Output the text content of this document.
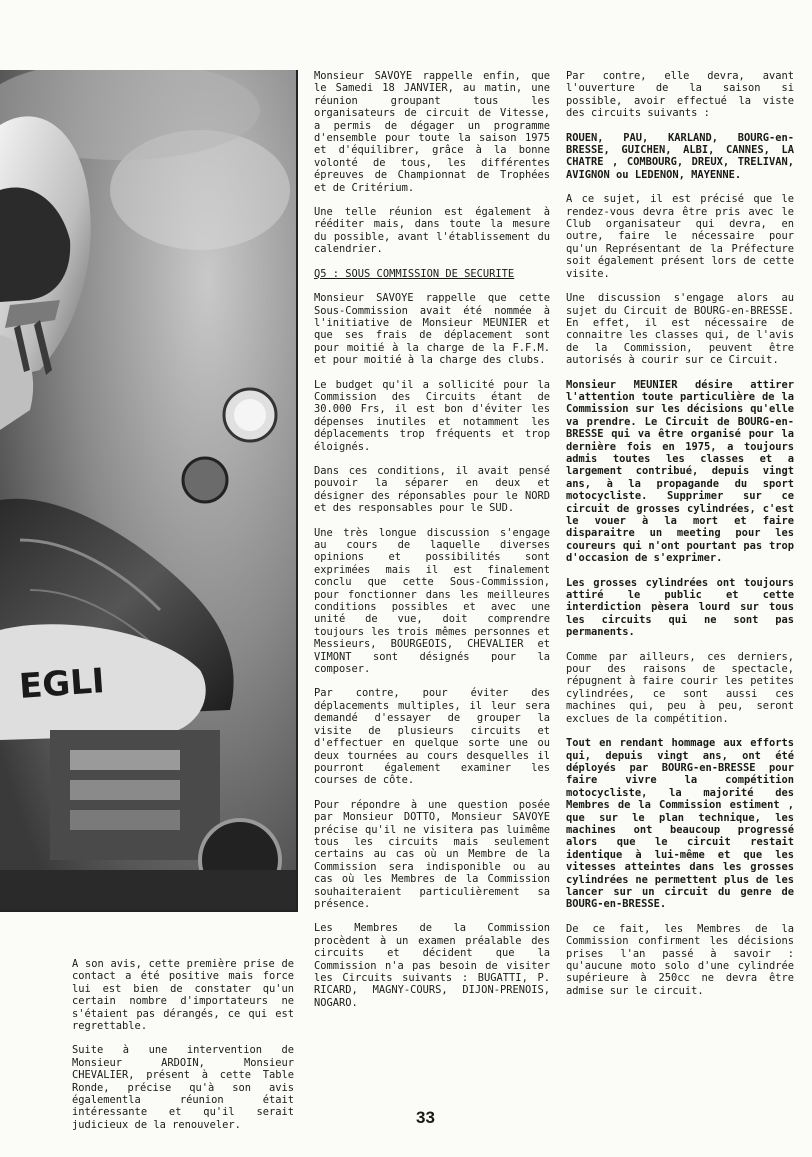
EGLI

Monsieur SAVOYE rappelle enfin, que le Samedi 18 JANVIER, au matin, une réunion groupant tous les organisateurs de circuit de Vitesse, a permis de dégager un programme d'ensemble pour toute la saison 1975 et d'équilibrer, grâce à la bonne volonté de tous, les différentes épreuves de Championnat de Trophées et de Critérium.

Une telle réunion est également à rééditer mais, dans toute la mesure du possible, avant l'établissement du calendrier.

Q5 : SOUS COMMISSION DE SECURITE

Monsieur SAVOYE rappelle que cette Sous-Commission avait été nommée à l'initiative de Monsieur MEUNIER et que ses frais de déplacement sont pour moitié à la charge de la F.F.M. et pour moitié à la charge des clubs.

Le budget qu'il a sollicité pour la Commission des Circuits étant de 30.000 Frs, il est bon d'éviter les dépenses inutiles et notamment les déplacements trop fréquents et trop éloignés.

Dans ces conditions, il avait pensé pouvoir la séparer en deux et désigner des réponsables pour le NORD et des responsables pour le SUD.

Une très longue discussion s'engage au cours de laquelle diverses opinions et possibilités sont exprimées mais il est finalement conclu que cette Sous-Commission, pour fonctionner dans les meilleures conditions possibles et avec une unité de vue, doit comprendre toujours les trois mêmes personnes et Messieurs, BOURGEOIS, CHEVALIER et VIMONT sont désignés pour la composer.

Par contre, pour éviter des déplacements multiples, il leur sera demandé d'essayer de grouper la visite de plusieurs circuits et d'effectuer en quelque sorte une ou deux tournées au cours desquelles il pourront également examiner les courses de côte.

Pour répondre à une question posée par Monsieur DOTTO, Monsieur SAVOYE précise qu'il ne visitera pas luimême tous les circuits mais seulement certains au cas où un Membre de la Commission sera indisponible ou au cas où les Membres de la Commission souhaiteraient particulièrement sa présence.

Les Membres de la Commission procèdent à un examen préalable des circuits et décident que la Commission n'a pas besoin de visiter les Circuits suivants : BUGATTI, P. RICARD, MAGNY-COURS, DIJON-PRENOIS, NOGARO.

Par contre, elle devra, avant l'ouverture de la saison si possible, avoir effectué la viste des circuits suivants :

ROUEN, PAU, KARLAND, BOURG-en-BRESSE, GUICHEN, ALBI, CANNES, LA CHATRE , COMBOURG, DREUX, TRELIVAN, AVIGNON ou LEDENON, MAYENNE.

A ce sujet, il est précisé que le rendez-vous devra être pris avec le Club organisateur qui devra, en outre, faire le nécessaire pour qu'un Représentant de la Préfecture soit également présent lors de cette visite.

Une discussion s'engage alors au sujet du Circuit de BOURG-en-BRESSE. En effet, il est nécessaire de connaitre les classes qui, de l'avis de la Commission, peuvent être autorisés à courir sur ce Circuit.

Monsieur MEUNIER désire attirer l'attention toute particulière de la Commission sur les décisions qu'elle va prendre. Le Circuit de BOURG-en-BRESSE qui va être organisé pour la dernière fois en 1975, a toujours admis toutes les classes et a largement contribué, depuis vingt ans, à la propagande du sport motocycliste. Supprimer sur ce circuit de grosses cylindrées, c'est le vouer à la mort et faire disparaitre un meeting pour les coureurs qui n'ont pourtant pas trop d'occasion de s'exprimer.

Les grosses cylindrées ont toujours attiré le public et cette interdiction pèsera lourd sur tous les circuits qui ne sont pas permanents.

Comme par ailleurs, ces derniers, pour des raisons de spectacle, répugnent à faire courir les petites cylindrées, ce sont aussi ces machines qui, peu à peu, seront exclues de la compétition.

Tout en rendant hommage aux efforts qui, depuis vingt ans, ont été déployés par BOURG-en-BRESSE pour faire vivre la compétition motocycliste, la majorité des Membres de la Commission estiment , que sur le plan technique, les machines ont beaucoup progressé alors que le circuit restait identique à lui-même et que les vitesses atteintes dans les grosses cylindrées ne permettent plus de les lancer sur un circuit du genre de BOURG-en-BRESSE.

De ce fait, les Membres de la Commission confirment les décisions prises l'an passé à savoir : qu'aucune moto solo d'une cylindrée supérieure à 250cc ne devra être admise sur le circuit.

A son avis, cette première prise de contact a été positive mais force lui est bien de constater qu'un certain nombre d'importateurs ne s'étaient pas dérangés, ce qui est regrettable.

Suite à une intervention de Monsieur ARDOIN, Monsieur CHEVALIER, présent à cette Table Ronde, précise qu'à son avis égalementla réunion était intéressante et qu'il serait judicieux de la renouveler.	33
